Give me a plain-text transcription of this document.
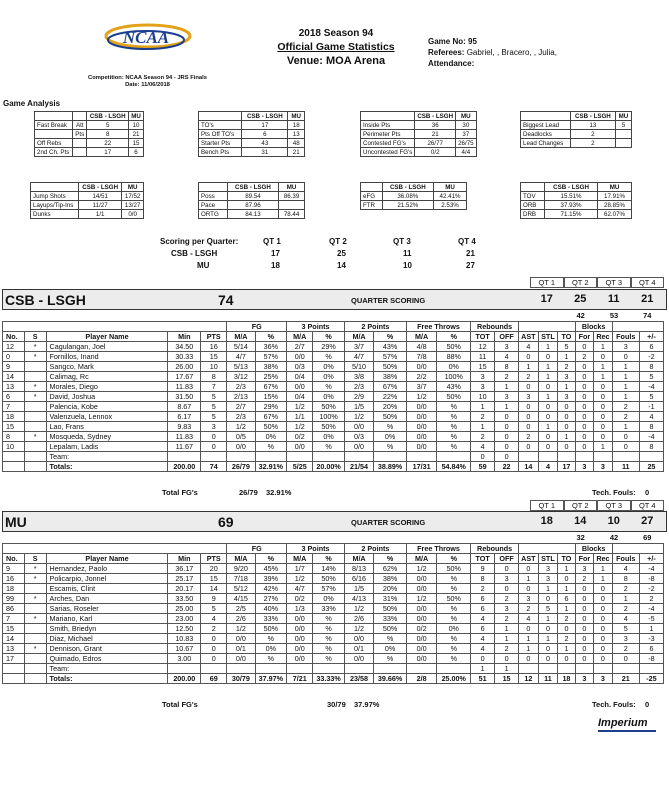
NCAA	2018 Season 94
Official Game Statistics
Venue: MOA Arena
Game No: 95
Referees: Gabriel, , Bracero, , Julia,
Attendance:
Competition: NCAA Season 94 - JRS Finals
Date: 11/06/2018
Game Analysis
		CSB - LSGH	MU
Fast Break	Att	5	10
	Pts	8	21
Off Rebs		22	15
2nd Ch. Pts		17	6
	CSB - LSGH	MU
TO's	17	18
Pts Off TO's	6	13
Starter Pts	43	48
Bench Pts	31	21
	CSB - LSGH	MU
Inside Pts	36	30
Perimeter Pts	21	37
Contested FG's	26/77	26/75
Uncontested FG's	0/2	4/4
	CSB - LSGH	MU
Biggest Lead	13	5
Deadlocks	2	
Lead Changes	2	
	CSB - LSGH	MU
Jump Shots	14/51	17/52
Layups/Tip-Ins	11/27	13/27
Dunks	1/1	0/0
	CSB - LSGH	MU
Poss	89.54	86.39
Pace	87.96	
ORTG	84.13	78.44
	CSB - LSGH	MU
eFG	36.08%	42.41%
FTR	21.52%	2.53%
	CSB - LSGH	MU
TOV	15.51%	17.91%
ORB	37.93%	28.85%
DRB	71.15%	62.07%
Scoring per Quarter:	QT 1	QT 2	QT 3	QT 4
CSB - LSGH	17	25	11	21
MU	18	14	10	27
QT 1	QT 2	QT 3	QT 4
CSB - LSGH	74	QUARTER SCORING	17	25	11	21
42	53	74
					FG		3 Points		2 Points		Free Throws		Rebounds					Blocks			
No.	S	Player Name	Min	PTS	M/A	%	M/A	%	M/A	%	M/A	%	TOT	OFF	AST	STL	TO	For	Rec	Fouls	+/-
12	*	Cagulangan, Joel	34.50	16	5/14	36%	2/7	29%	3/7	43%	4/8	50%	12	3	4	1	5	0	1	3	6
0	*	Fornillos, Inand	30.33	15	4/7	57%	0/0	%	4/7	57%	7/8	88%	11	4	0	0	1	2	0	0	-2
9		Sangco, Mark	26.00	10	5/13	38%	0/3	0%	5/10	50%	0/0	0%	15	8	1	1	2	0	1	1	8
14		Calimag, Rc	17.67	8	3/12	25%	0/4	0%	3/8	38%	2/2	100%	3	2	2	1	3	0	1	1	5
13	*	Morales, Diego	11.83	7	2/3	67%	0/0	%	2/3	67%	3/7	43%	3	1	0	0	1	0	0	1	-4
6	*	David, Joshua	31.50	5	2/13	15%	0/4	0%	2/9	22%	1/2	50%	10	3	3	1	3	0	0	1	5
7		Palencia, Kobe	8.67	5	2/7	29%	1/2	50%	1/5	20%	0/0	%	1	1	0	0	0	0	0	2	-1
18		Valenzuela, Lennox	6.17	5	2/3	67%	1/1	100%	1/2	50%	0/0	%	2	0	0	0	0	0	0	2	4
15		Lao, Frans	9.83	3	1/2	50%	1/2	50%	0/0	%	0/0	%	1	0	0	1	0	0	0	1	8
8	*	Mosqueda, Sydney	11.83	0	0/5	0%	0/2	0%	0/3	0%	0/0	%	2	0	2	0	1	0	0	0	-4
10		Lepalam, Ladis	11.67	0	0/0	%	0/0	%	0/0	%	0/0	%	4	0	0	0	0	0	1	0	8
		Team:											0	0							
		Totals:	200.00	74	26/79	32.91%	5/25	20.00%	21/54	38.89%	17/31	54.84%	59	22	14	4	17	3	3	11	25
Total FG's	26/79 32.91%	Tech. Fouls: 0
QT 1	QT 2	QT 3	QT 4
MU	69	QUARTER SCORING	18	14	10	27
32	42	69
					FG		3 Points		2 Points		Free Throws		Rebounds					Blocks			
No.	S	Player Name	Min	PTS	M/A	%	M/A	%	M/A	%	M/A	%	TOT	OFF	AST	STL	TO	For	Rec	Fouls	+/-
9	*	Hernandez, Paolo	36.17	20	9/20	45%	1/7	14%	8/13	62%	1/2	50%	9	0	0	3	1	3	1	4	-4
16	*	Policarpio, Jonnel	25.17	15	7/18	39%	1/2	50%	6/16	38%	0/0	%	8	3	1	3	0	2	1	8	-8
18		Escamis, Clint	20.17	14	5/12	42%	4/7	57%	1/5	20%	0/0	%	2	0	0	1	1	0	0	2	-2
99	*	Arches, Dan	33.50	9	4/15	27%	0/2	0%	4/13	31%	1/2	50%	6	2	3	0	6	0	0	1	2
86		Sarias, Roseler	25.00	5	2/5	40%	1/3	33%	1/2	50%	0/0	%	6	3	2	5	1	0	0	2	-4
7	*	Mariano, Karl	23.00	4	2/6	33%	0/0	%	2/6	33%	0/0	%	4	2	4	1	2	0	0	4	-5
15		Smith, Briedyn	12.50	2	1/2	50%	0/0	%	1/2	50%	0/2	0%	6	1	0	0	0	0	0	5	1
14		Diaz, Michael	10.83	0	0/0	%	0/0	%	0/0	%	0/0	%	4	1	1	1	2	0	0	3	-3
13	*	Dennison, Grant	10.67	0	0/1	0%	0/0	%	0/1	0%	0/0	%	4	2	1	0	1	0	0	2	6
17		Quimado, Edros	3.00	0	0/0	%	0/0	%	0/0	%	0/0	%	0	0	0	0	0	0	0	0	-8
		Team:											1	1							
		Totals:	200.00	69	30/79	37.97%	7/21	33.33%	23/58	39.66%	2/8	25.00%	51	15	12	11	18	3	3	21	-25
Total FG's	30/79 37.97%	Tech. Fouls: 0
Imperium
